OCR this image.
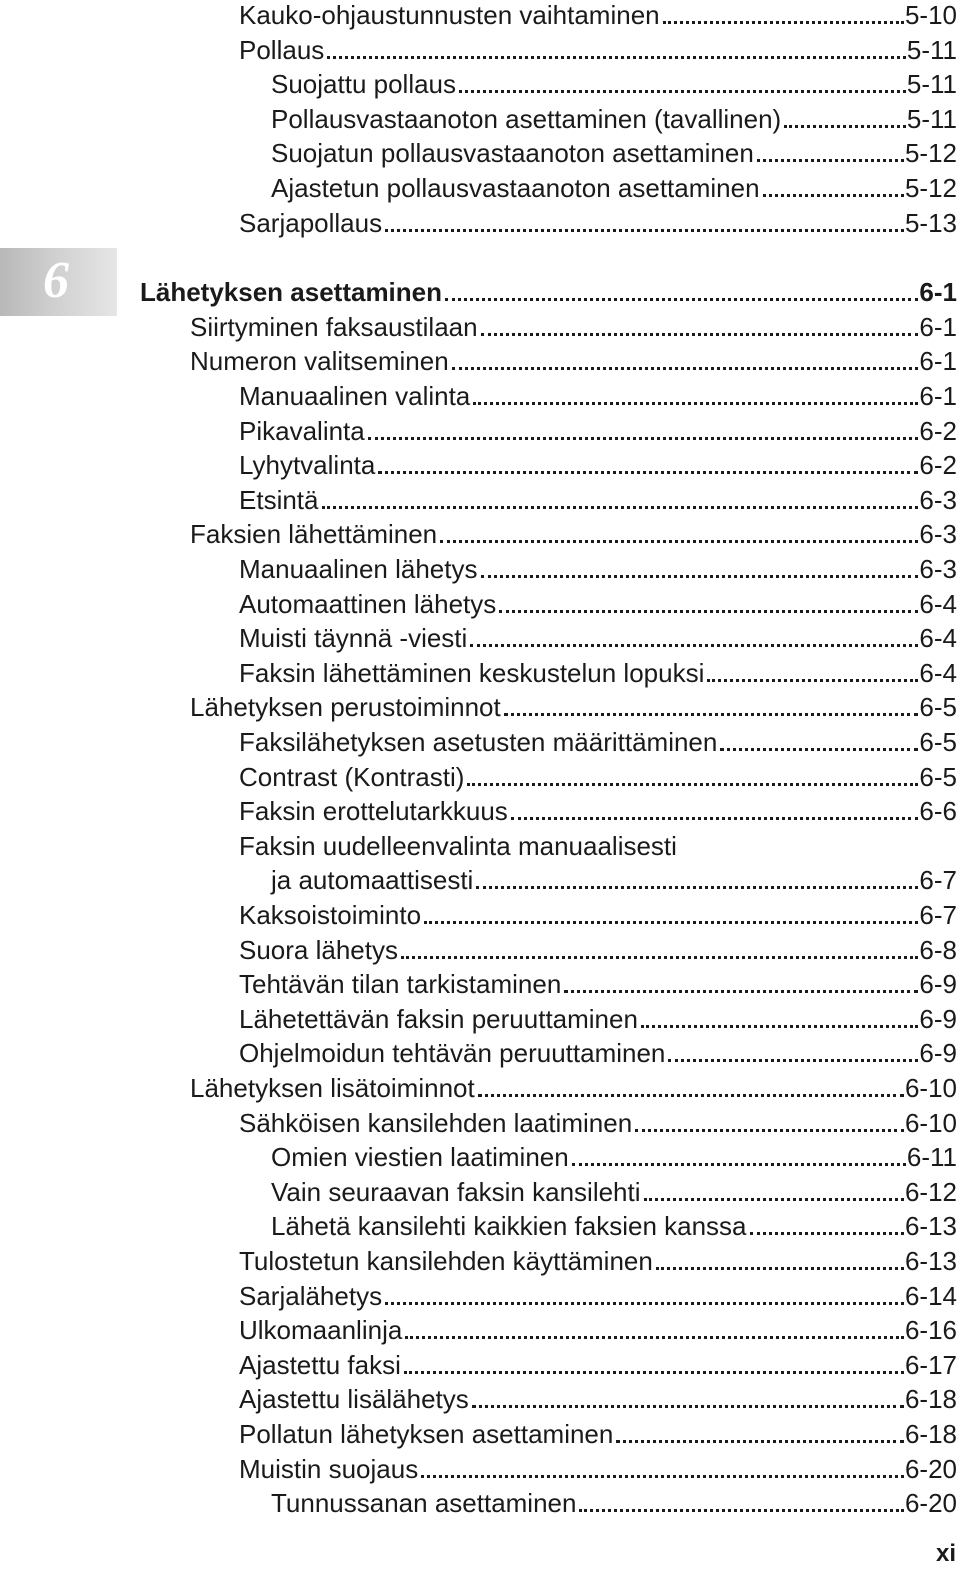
6
Kauko-ohjaustunnusten vaihtaminen	5-10
Pollaus	5-11
Suojattu pollaus	5-11
Pollausvastaanoton asettaminen (tavallinen)	5-11
Suojatun pollausvastaanoton asettaminen	5-12
Ajastetun pollausvastaanoton asettaminen	5-12
Sarjapollaus	5-13
Lähetyksen asettaminen	6-1
Siirtyminen faksaustilaan	6-1
Numeron valitseminen	6-1
Manuaalinen valinta	6-1
Pikavalinta	6-2
Lyhytvalinta	6-2
Etsintä	6-3
Faksien lähettäminen	6-3
Manuaalinen lähetys	6-3
Automaattinen lähetys	6-4
Muisti täynnä -viesti	6-4
Faksin lähettäminen keskustelun lopuksi	6-4
Lähetyksen perustoiminnot	6-5
Faksilähetyksen asetusten määrittäminen	6-5
Contrast (Kontrasti)	6-5
Faksin erottelutarkkuus	6-6
Faksin uudelleenvalinta manuaalisesti
ja automaattisesti	6-7
Kaksoistoiminto	6-7
Suora lähetys	6-8
Tehtävän tilan tarkistaminen	6-9
Lähetettävän faksin peruuttaminen	6-9
Ohjelmoidun tehtävän peruuttaminen	6-9
Lähetyksen lisätoiminnot	6-10
Sähköisen kansilehden laatiminen	6-10
Omien viestien laatiminen	6-11
Vain seuraavan faksin kansilehti	6-12
Lähetä kansilehti kaikkien faksien kanssa	6-13
Tulostetun kansilehden käyttäminen	6-13
Sarjalähetys	6-14
Ulkomaanlinja	6-16
Ajastettu faksi	6-17
Ajastettu lisälähetys	6-18
Pollatun lähetyksen asettaminen	6-18
Muistin suojaus	6-20
Tunnussanan asettaminen	6-20
xi
